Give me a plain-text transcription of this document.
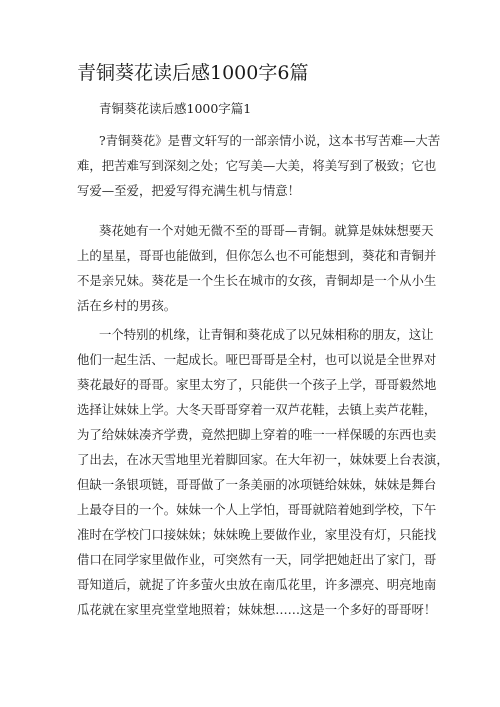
青铜葵花读后感1000字6篇

青铜葵花读后感1000字篇1

?青铜葵花》是曹文轩写的一部亲情小说，这本书写苦难—大苦
难，把苦难写到深刻之处；它写美—大美，将美写到了极致；它也
写爱—至爱，把爱写得充满生机与情意！

葵花她有一个对她无微不至的哥哥—青铜。就算是妹妹想要天
上的星星，哥哥也能做到，但你怎么也不可能想到，葵花和青铜并
不是亲兄妹。葵花是一个生长在城市的女孩，青铜却是一个从小生
活在乡村的男孩。

一个特别的机缘，让青铜和葵花成了以兄妹相称的朋友，这让
他们一起生活、一起成长。哑巴哥哥是全村，也可以说是全世界对
葵花最好的哥哥。家里太穷了，只能供一个孩子上学，哥哥毅然地
选择让妹妹上学。大冬天哥哥穿着一双芦花鞋，去镇上卖芦花鞋，
为了给妹妹凑齐学费，竟然把脚上穿着的唯一一样保暖的东西也卖
了出去，在冰天雪地里光着脚回家。在大年初一，妹妹要上台表演，
但缺一条银项链，哥哥做了一条美丽的冰项链给妹妹，妹妹是舞台
上最夺目的一个。妹妹一个人上学怕，哥哥就陪着她到学校，下午
准时在学校门口接妹妹；妹妹晚上要做作业，家里没有灯，只能找
借口在同学家里做作业，可突然有一天，同学把她赶出了家门，哥
哥知道后，就捉了许多萤火虫放在南瓜花里，许多漂亮、明亮地南
瓜花就在家里亮堂堂地照着；妹妹想……这是一个多好的哥哥呀！
